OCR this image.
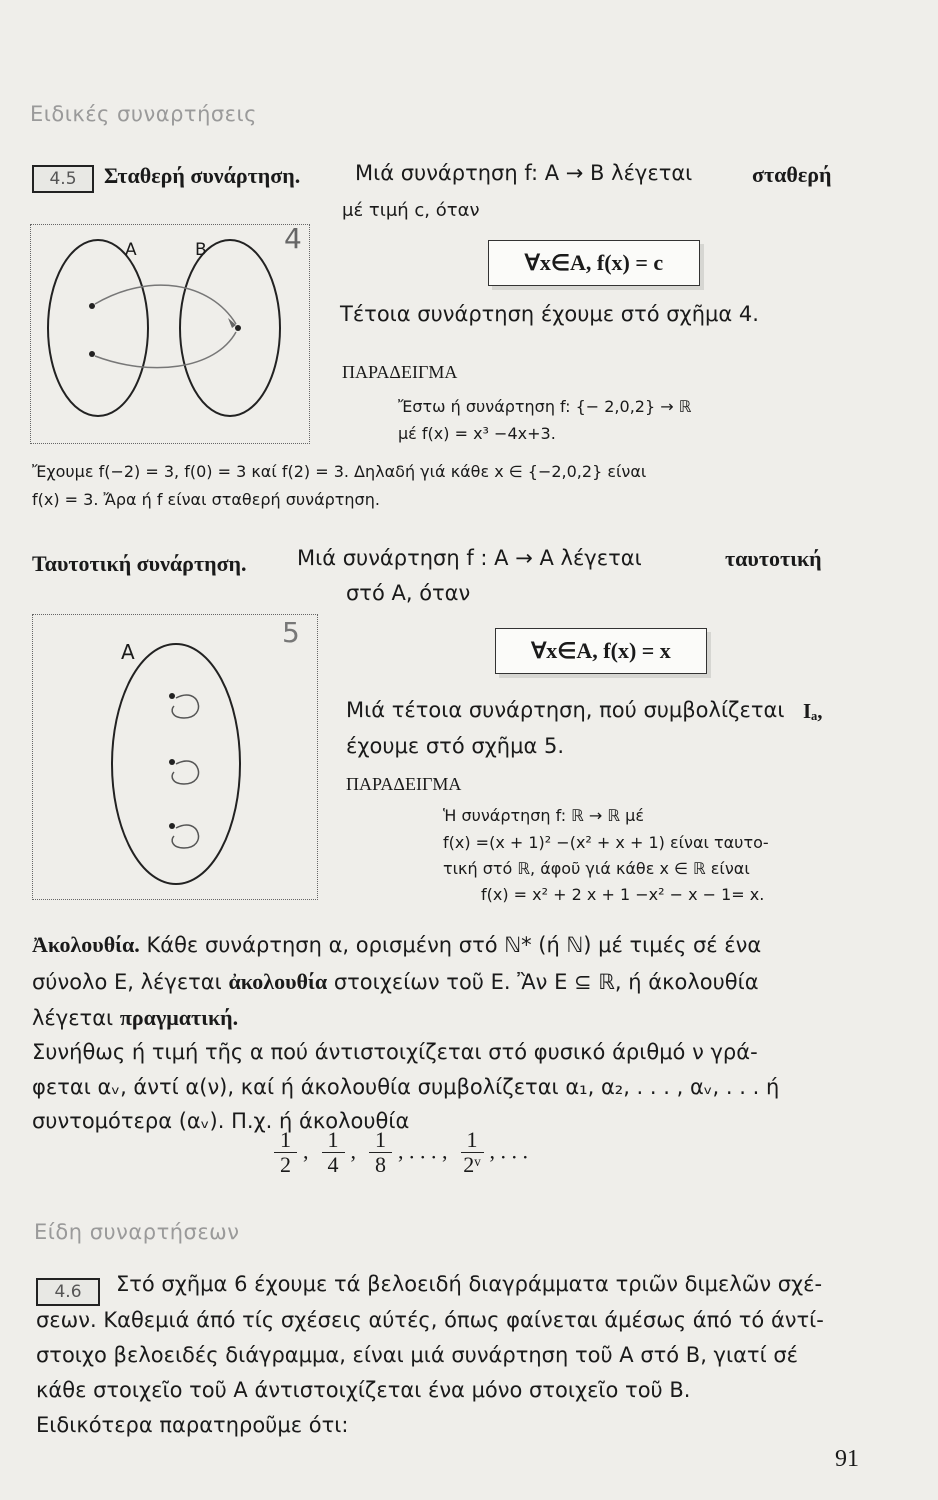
Ειδικές συναρτήσεις
4.5	Σταθερή συνάρτηση.	Μιά συνάρτηση f: A → B λέγεται	σταθερή
μέ τιμή c, όταν
4
A	B	∀x∈A, f(x) = c
Τέτοια συνάρτηση έχουμε στό σχῆμα 4.
ΠΑΡΑΔΕΙΓΜΑ
Ἔστω ή συνάρτηση f: {− 2,0,2} → ℝ
μέ f(x) = x³ −4x+3.
Ἔχουμε f(−2) = 3, f(0) = 3 καί f(2) = 3. Δηλαδή γιά κάθε x ∈ {−2,0,2} είναι
f(x) = 3. Ἄρα ή f είναι σταθερή συνάρτηση.
Ταυτοτική συνάρτηση. Μιά συνάρτηση f : A → A λέγεται	ταυτοτική
στό A, όταν
5
A	∀x∈A, f(x) = x
Μιά τέτοια συνάρτηση, πού συμβολίζεται Iₐ,
έχουμε στό σχῆμα 5.
ΠΑΡΑΔΕΙΓΜΑ
Ἡ συνάρτηση f: ℝ → ℝ μέ
f(x) =(x + 1)² −(x² + x + 1) είναι ταυτο-
τική στό ℝ, άφοῦ γιά κάθε x ∈ ℝ είναι
f(x) = x² + 2 x + 1 −x² − x − 1= x.
Ἀκολουθία. Κάθε συνάρτηση α, ορισμένη στό ℕ* (ή ℕ) μέ τιμές σέ ένα
σύνολο E, λέγεται ἀκολουθία στοιχείων τοῦ E. Ἂν E ⊆ ℝ, ή άκολουθία
λέγεται πραγματική.
Συνήθως ή τιμή τῆς α πού άντιστοιχίζεται στό φυσικό άριθμό ν γρά-
φεται αᵥ, άντί α(ν), καί ή άκολουθία συμβολίζεται α₁, α₂, . . . , αᵥ, . . . ή
συντομότερα (αᵥ). Π.χ. ή άκολουθία
$\frac{1}{2}$ , $\frac{1}{4}$ , $\frac{1}{8}$ , . . . , $\frac{1}{\text{2ᵛ}}$ , . . .
Είδη συναρτήσεων
4.6	Στό σχῆμα 6 έχουμε τά βελοειδή διαγράμματα τριῶν διμελῶν σχέ-
σεων. Καθεμιά άπό τίς σχέσεις αύτές, όπως φαίνεται άμέσως άπό τό άντί-
στοιχο βελοειδές διάγραμμα, είναι μιά συνάρτηση τοῦ A στό B, γιατί σέ
κάθε στοιχεῖο τοῦ A άντιστοιχίζεται ένα μόνο στοιχεῖο τοῦ B.
Ειδικότερα παρατηροῦμε ότι:
91
